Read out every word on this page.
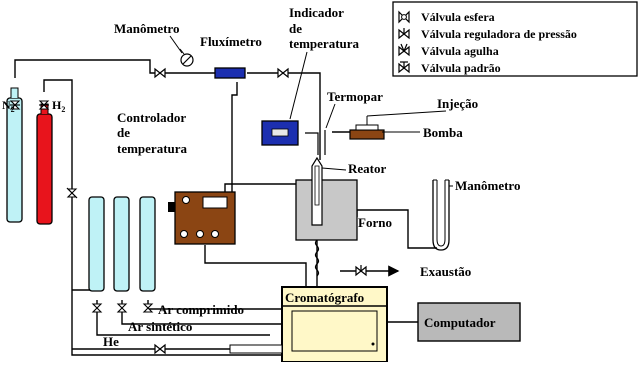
Válvula esfera
Válvula reguladora de pressão
Válvula agulha
Válvula padrão
Manômetro
Fluxímetro
Indicador
de
temperatura
Termopar	Injeção
Bomba
Controlador
de
temperatura
Reator
Forno
Manômetro
Exaustão
Cromatógrafo
Computador
Ar comprimido
Ar sintético
He
$N_2$	$H_2$
